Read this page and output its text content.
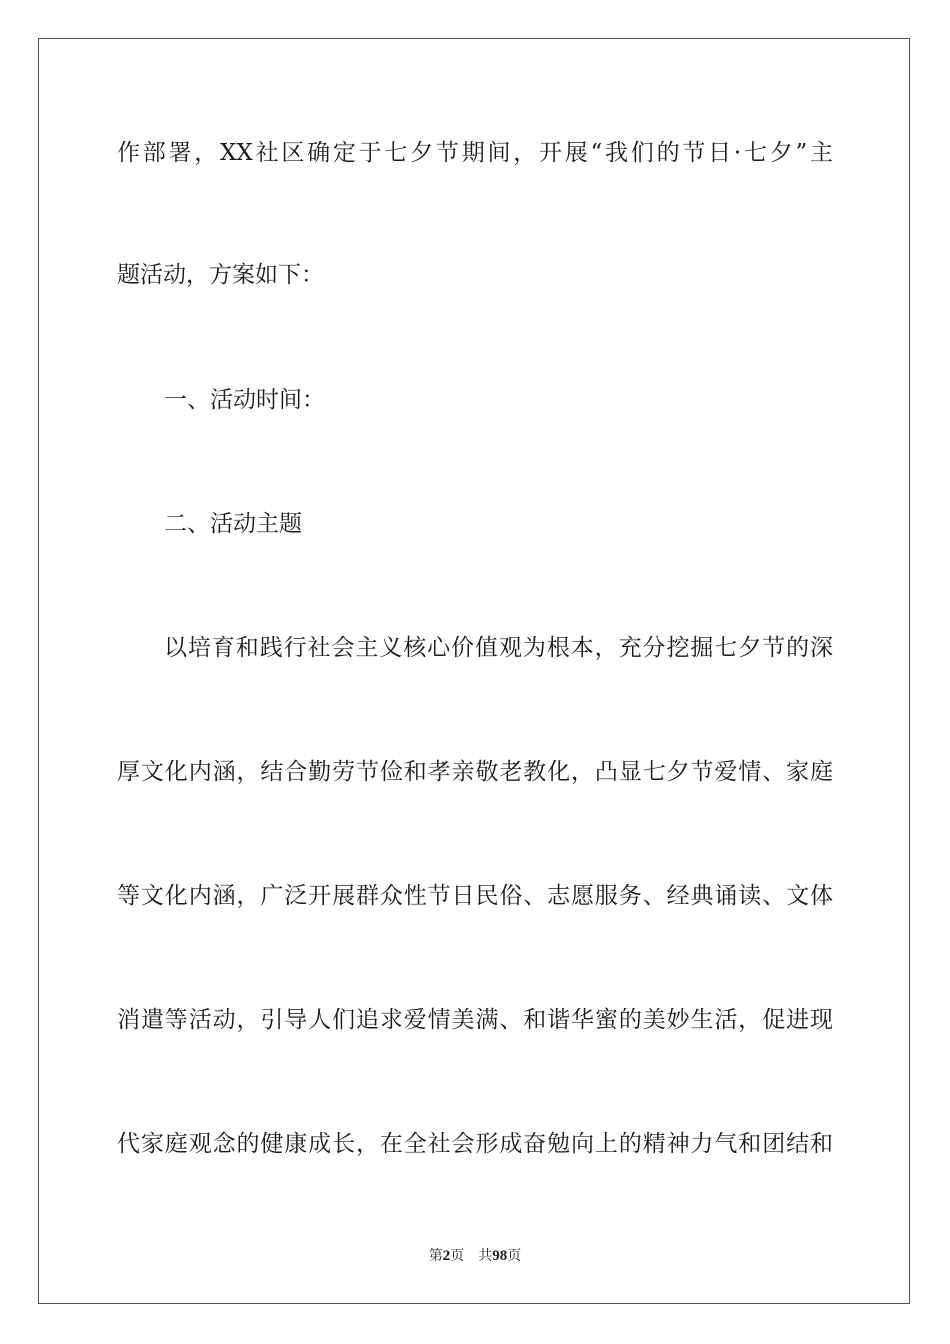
作部署，XX社区确定于七夕节期间，开展“我们的节日·七夕”主
题活动，方案如下：
一、活动时间：
二、活动主题
以培育和践行社会主义核心价值观为根本，充分挖掘七夕节的深
厚文化内涵，结合勤劳节俭和孝亲敬老教化，凸显七夕节爱情、家庭
等文化内涵，广泛开展群众性节日民俗、志愿服务、经典诵读、文体
消遣等活动，引导人们追求爱情美满、和谐华蜜的美妙生活，促进现
代家庭观念的健康成长，在全社会形成奋勉向上的精神力气和团结和
第2页 共98页
